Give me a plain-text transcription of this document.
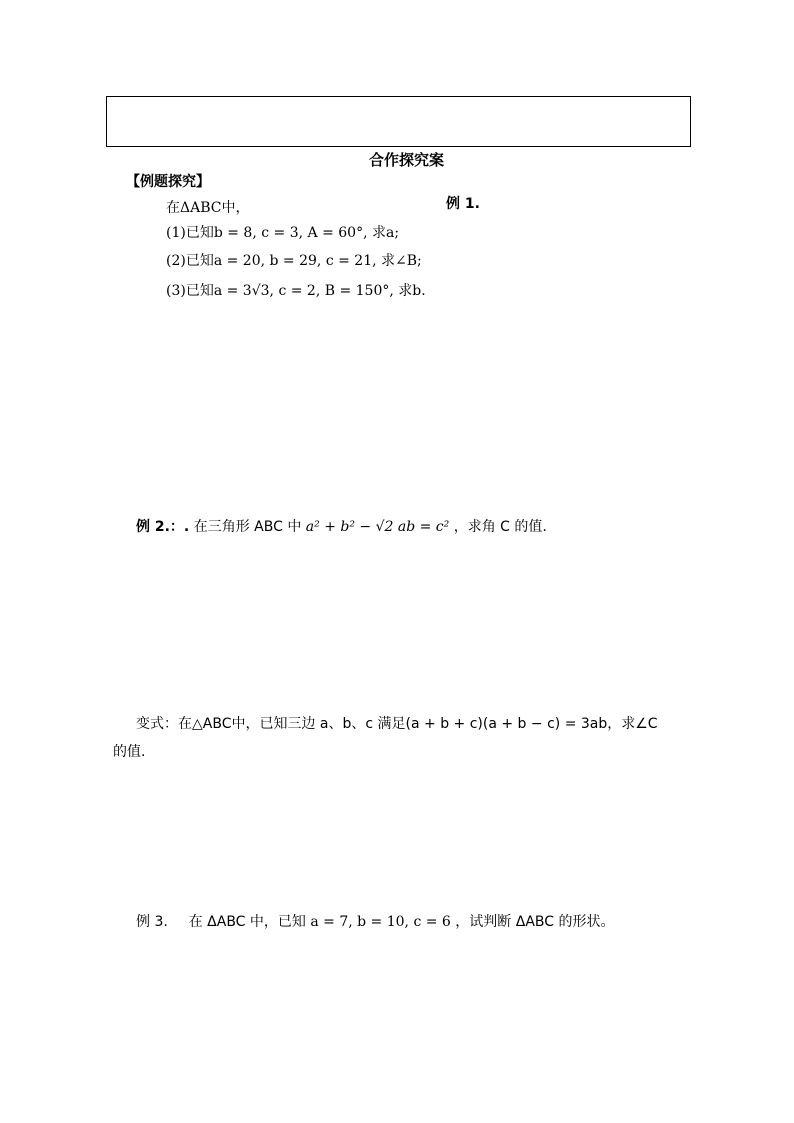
合作探究案
【例题探究】
例 1.
在ΔABC中，
(1)已知b = 8, c = 3, A = 60°, 求a;
(2)已知a = 20, b = 29, c = 21, 求∠B;
(3)已知a = 3√3, c = 2, B = 150°, 求b.
例 2.：. 在三角形 ABC 中 a² + b² − √2 ab = c² ，求角 C 的值.
变式：在△ABC中，已知三边 a、b、c 满足(a + b + c)(a + b − c) = 3ab，求∠C
的值.
例 3. 在 ΔABC 中，已知 a = 7, b = 10, c = 6 ，试判断 ΔABC 的形状。
